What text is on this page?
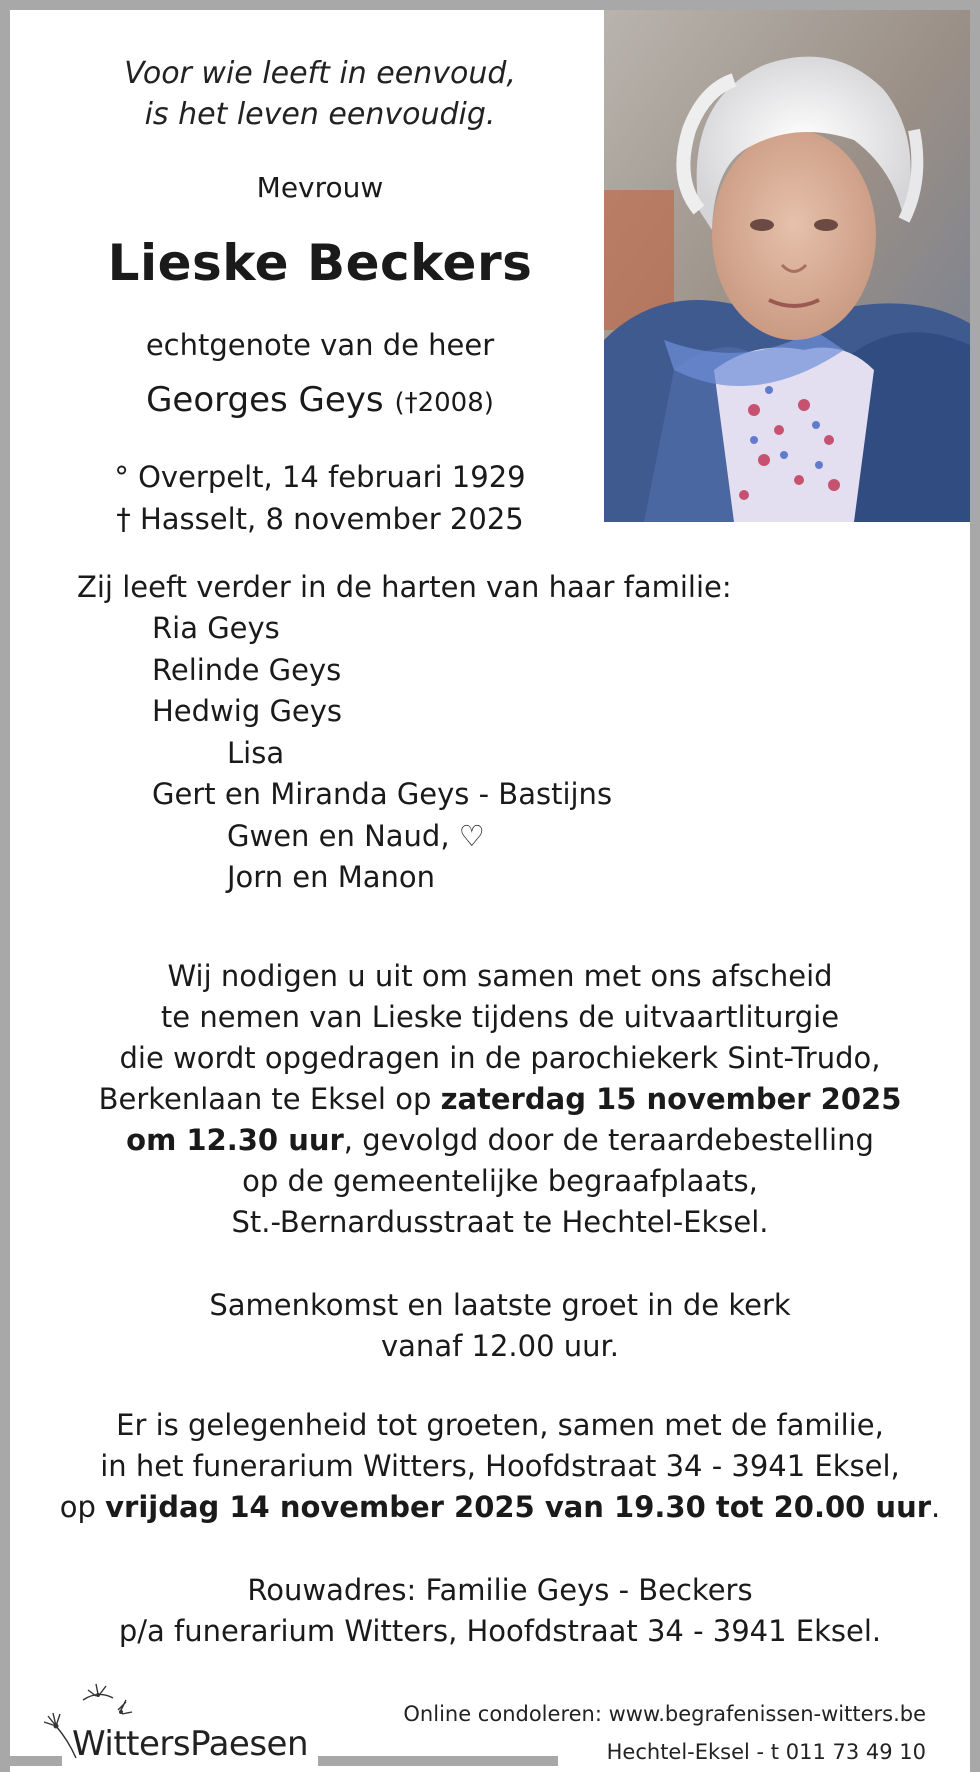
Voor wie leeft in eenvoud,
is het leven eenvoudig.
Mevrouw
Lieske Beckers
echtgenote van de heer
Georges Geys (†2008)
° Overpelt, 14 februari 1929
† Hasselt, 8 november 2025
Zij leeft verder in de harten van haar familie:
Ria Geys
Relinde Geys
Hedwig Geys
Lisa
Gert en Miranda Geys - Bastijns
Gwen en Naud, ♡
Jorn en Manon
Wij nodigen u uit om samen met ons afscheid
te nemen van Lieske tijdens de uitvaartliturgie
die wordt opgedragen in de parochiekerk Sint-Trudo,
Berkenlaan te Eksel op zaterdag 15 november 2025
om 12.30 uur, gevolgd door de teraardebestelling
op de gemeentelijke begraafplaats,
St.-Bernardusstraat te Hechtel-Eksel.
Samenkomst en laatste groet in de kerk
vanaf 12.00 uur.
Er is gelegenheid tot groeten, samen met de familie,
in het funerarium Witters, Hoofdstraat 34 - 3941 Eksel,
op vrijdag 14 november 2025 van 19.30 tot 20.00 uur.
Rouwadres: Familie Geys - Beckers
p/a funerarium Witters, Hoofdstraat 34 - 3941 Eksel.
WittersPaesen
Online condoleren: www.begrafenissen-witters.be
Hechtel-Eksel - t 011 73 49 10
